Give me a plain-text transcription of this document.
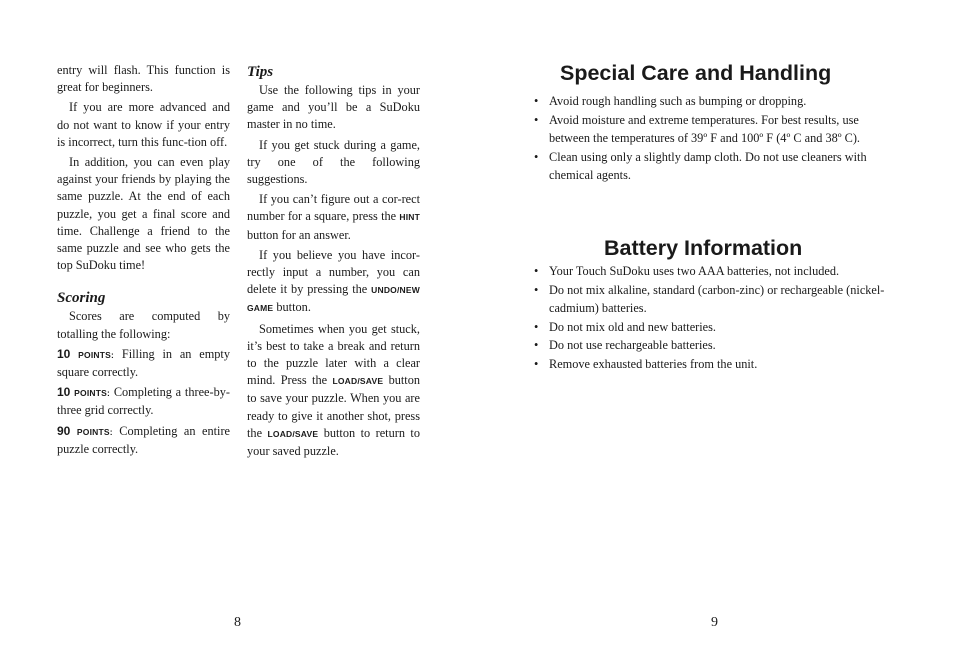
entry will flash. This function is great for beginners.

If you are more advanced and do not want to know if your entry is incorrect, turn this func-tion off.

In addition, you can even play against your friends by playing the same puzzle. At the end of each puzzle, you get a final score and time. Challenge a friend to the same puzzle and see who gets the top SuDoku time!

Scoring

Scores are computed by totalling the following:

10 POINTS: Filling in an empty square correctly.

10 POINTS: Completing a three-by-three grid correctly.

90 POINTS: Completing an entire puzzle correctly.

Tips

Use the following tips in your game and you’ll be a SuDoku master in no time.

If you get stuck during a game, try one of the following suggestions.

If you can’t figure out a cor-rect number for a square, press the HINT button for an answer.

If you believe you have incor-rectly input a number, you can delete it by pressing the UNDO/NEW GAME button.

Sometimes when you get stuck, it’s best to take a break and return to the puzzle later with a clear mind. Press the LOAD/SAVE button to save your puzzle. When you are ready to give it another shot, press the LOAD/SAVE button to return to your saved puzzle.

8
Special Care and Handling
• Avoid rough handling such as bumping or dropping.
• Avoid moisture and extreme temperatures. For best results, use between the temperatures of 39º F and 100º F (4º C and 38º C).
• Clean using only a slightly damp cloth. Do not use cleaners with chemical agents.
Battery Information
• Your Touch SuDoku uses two AAA batteries, not included.
• Do not mix alkaline, standard (carbon-zinc) or rechargeable (nickel-cadmium) batteries.
• Do not mix old and new batteries.
• Do not use rechargeable batteries.
• Remove exhausted batteries from the unit.
9
